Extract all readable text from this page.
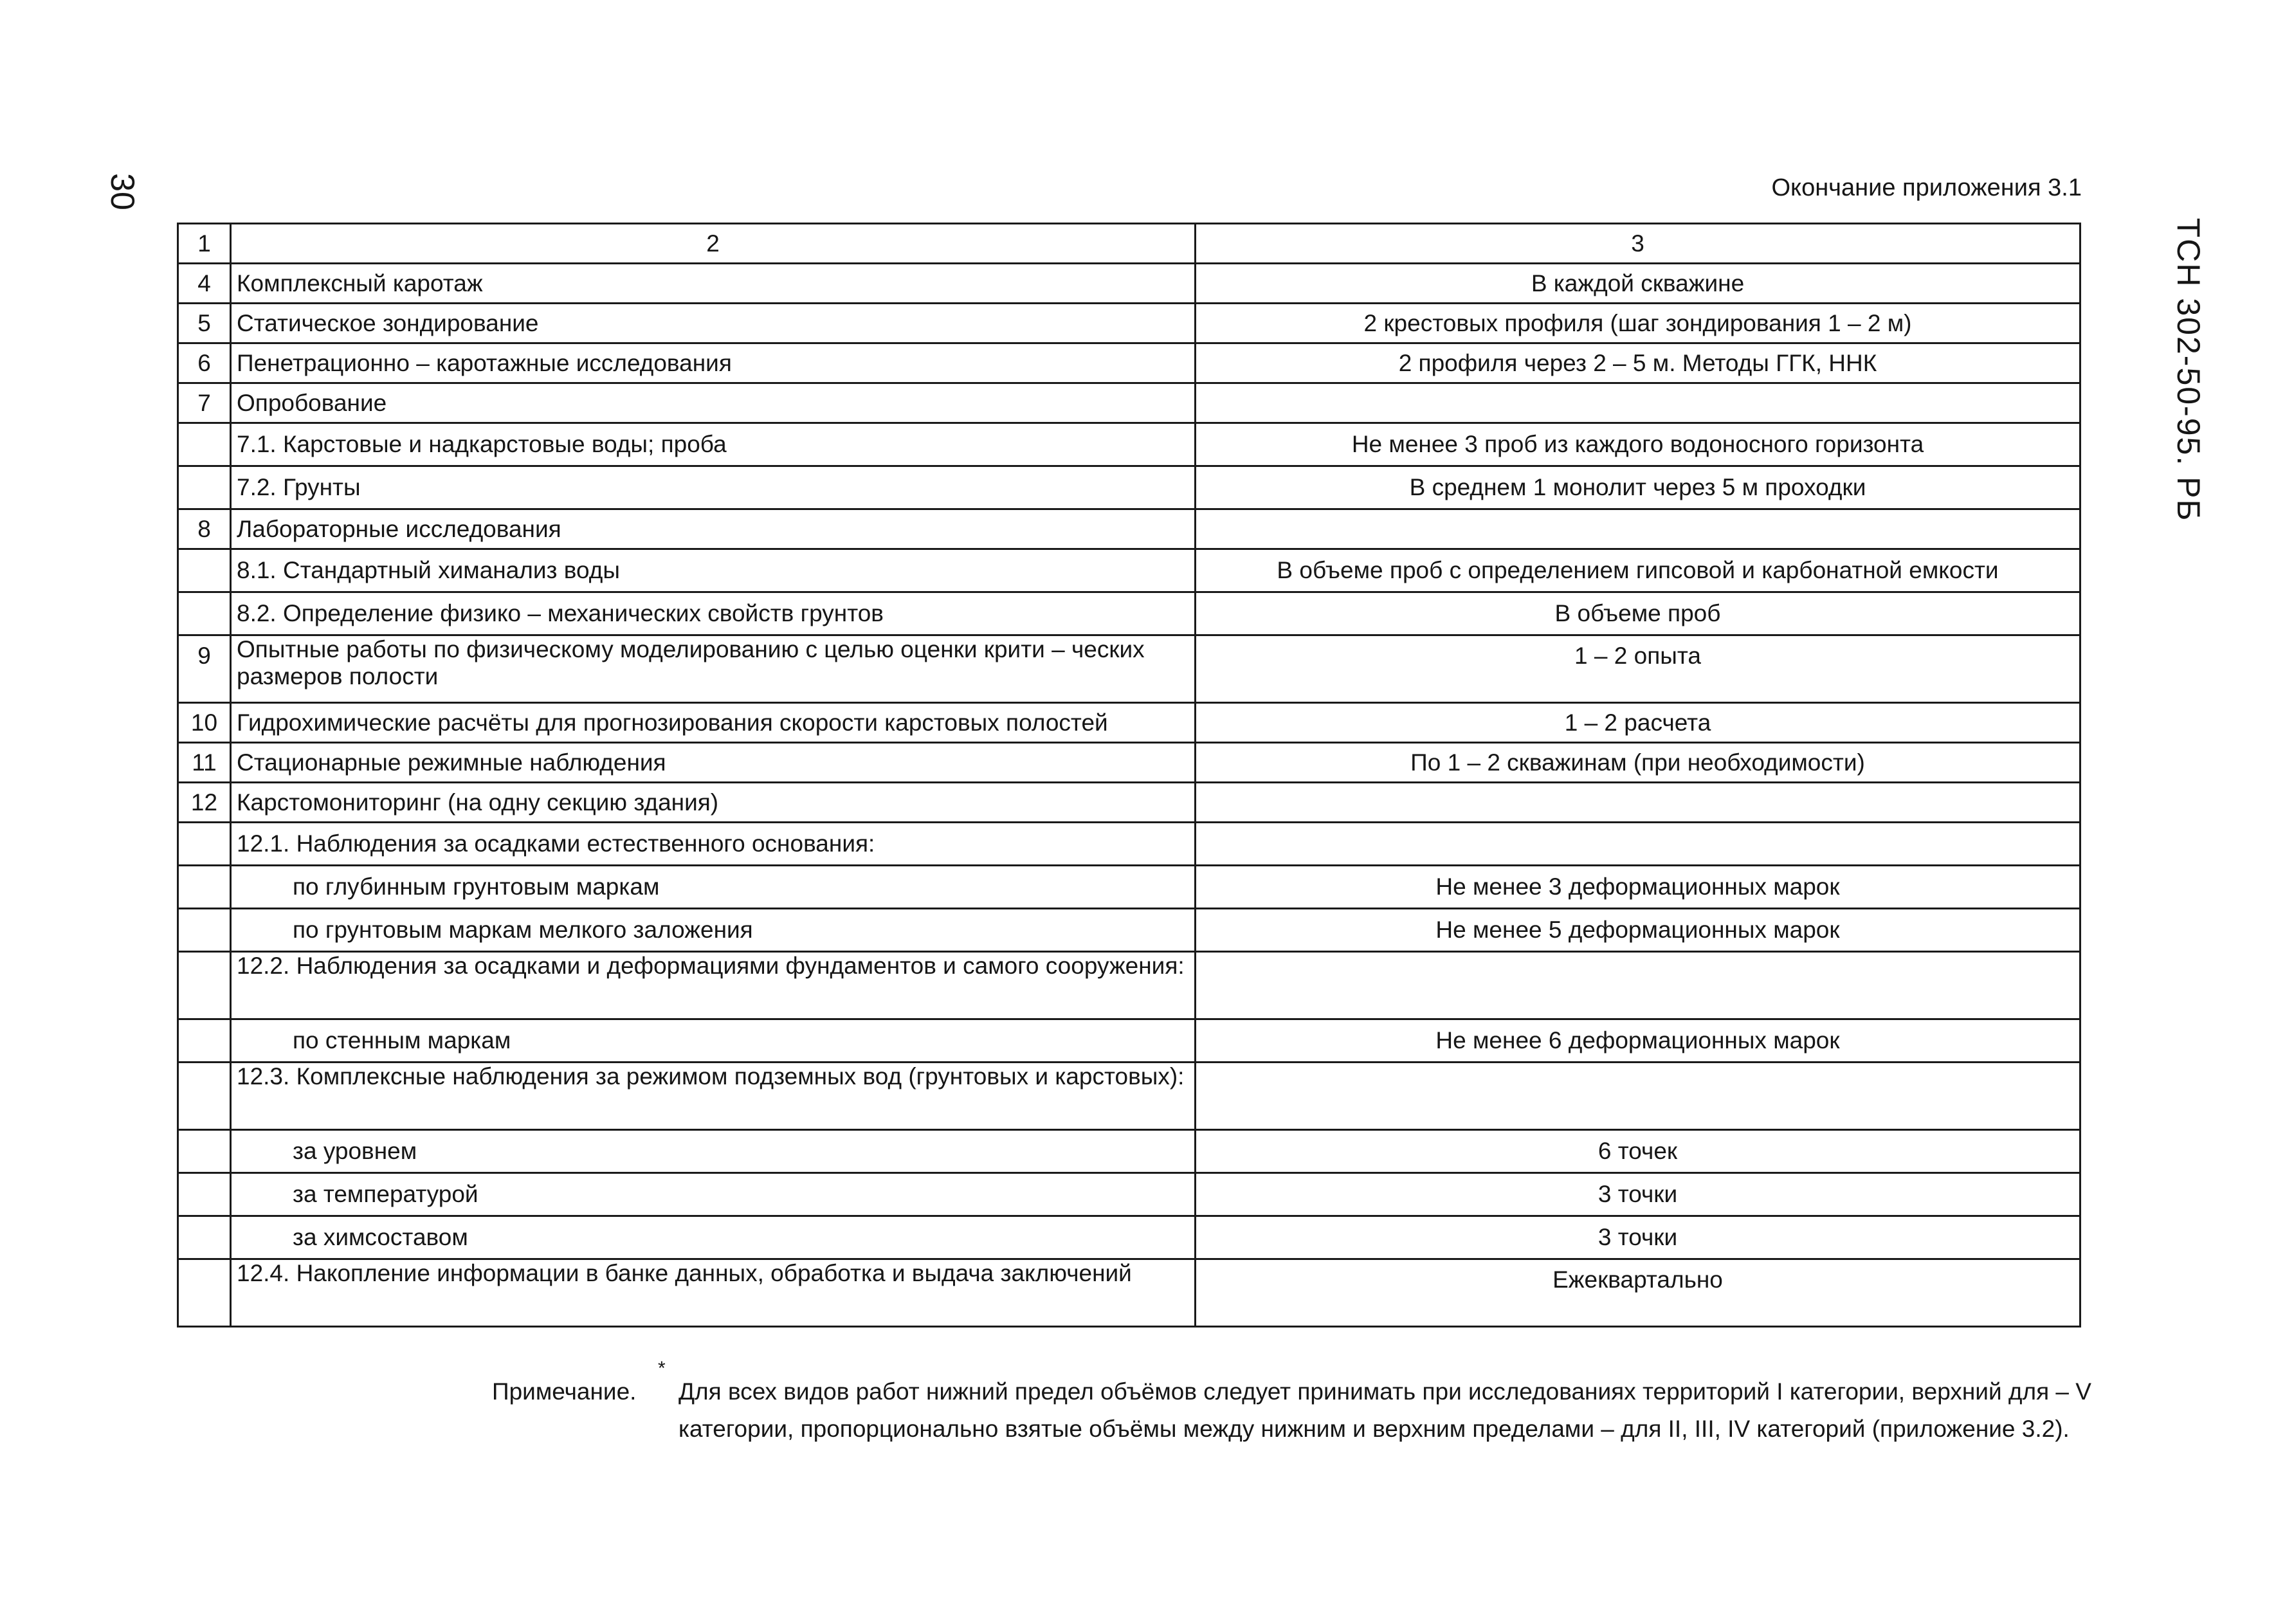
30
ТСН 302-50-95. РБ
Окончание приложения 3.1
1	2	3
4	Комплексный каротаж	В каждой скважине
5	Статическое зондирование	2 крестовых профиля (шаг зондирования 1 – 2 м)
6	Пенетрационно – каротажные исследования	2 профиля через 2 – 5 м. Методы ГГК, ННК
7	Опробование	
	7.1. Карстовые и надкарстовые воды; проба	Не менее 3 проб из каждого водоносного горизонта
	7.2. Грунты	В среднем 1 монолит через 5 м проходки
8	Лабораторные исследования	
	8.1. Стандартный химанализ воды	В объеме проб с определением гипсовой и карбонатной емкости
	8.2. Определение физико – механических свойств грунтов	В объеме проб
9	Опытные работы по физическому моделированию с целью оценки крити – ческих размеров полости	1 – 2 опыта
10	Гидрохимические расчёты для прогнозирования скорости карстовых полостей	1 – 2 расчета
11	Стационарные режимные наблюдения	По 1 – 2 скважинам (при необходимости)
12	Карстомониторинг (на одну секцию здания)	
	12.1. Наблюдения за осадками естественного основания:	
	по глубинным грунтовым маркам	Не менее 3 деформационных марок
	по грунтовым маркам мелкого заложения	Не менее 5 деформационных марок
	12.2. Наблюдения за осадками и деформациями фундаментов и самого сооружения:	
	по стенным маркам	Не менее 6 деформационных марок
	12.3. Комплексные наблюдения за режимом подземных вод (грунтовых и карстовых):	
	за уровнем	6 точек
	за температурой	3 точки
	за химсоставом	3 точки
	12.4. Накопление информации в банке данных, обработка и выдача заключений	Ежеквартально
Примечание.
*
Для всех видов работ нижний предел объёмов следует принимать при исследованиях территорий I категории, верхний для – V категории, пропорционально взятые объёмы между нижним и верхним пределами – для II, III, IV категорий (приложение 3.2).
